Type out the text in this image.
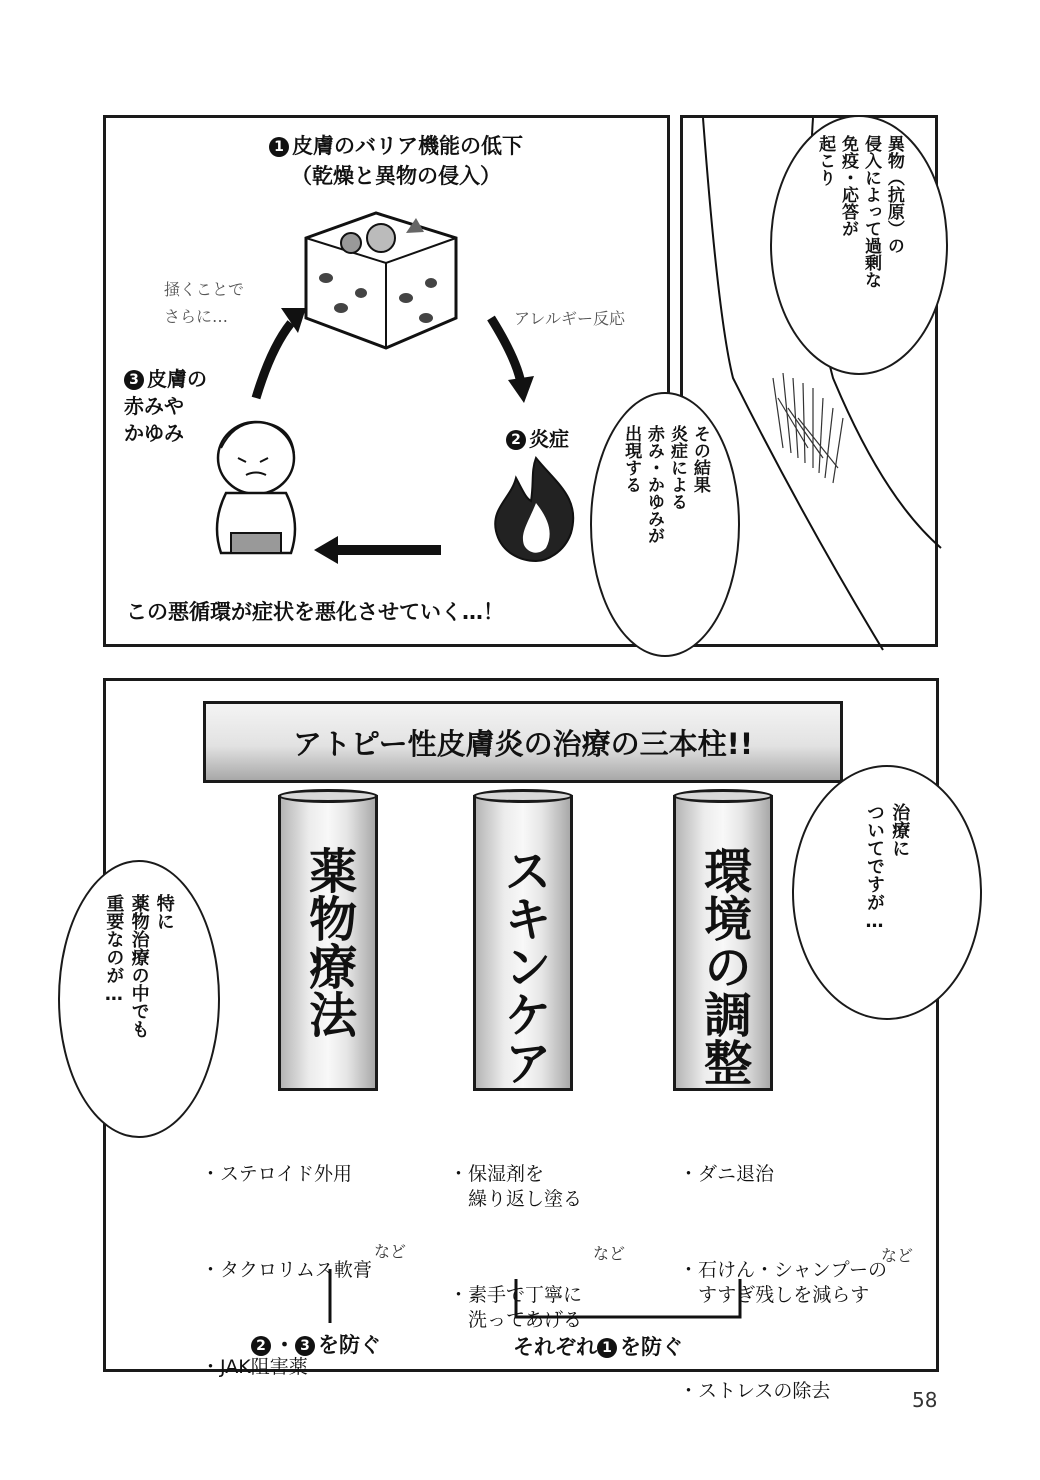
1 皮膚のバリア機能の低下
（乾燥と異物の侵入）
掻くことで
さらに…	アレルギー反応
2 炎症
3 皮膚の
赤みや
かゆみ
この悪循環が症状を悪化させていく…！
異物（抗原）の
侵入によって過剰な
免疫・応答が
起こり
その結果
炎症による
赤み・かゆみが
出現する
アトピー性皮膚炎の治療の三本柱!!
薬物療法	スキンケア	環境の調整

・ステロイド外用

・タクロリムス軟膏

・JAK阻害薬

など

・保湿剤を
　繰り返し塗る

・素手で丁寧に
　洗ってあげる

など

・ダニ退治

・石けん・シャンプーの
　すすぎ残しを減らす

・ストレスの除去

など
2 ・ 3 を防ぐ	それぞれ 1 を防ぐ
治療に
ついてですが…
特に
薬物治療の中でも
重要なのが…
58
